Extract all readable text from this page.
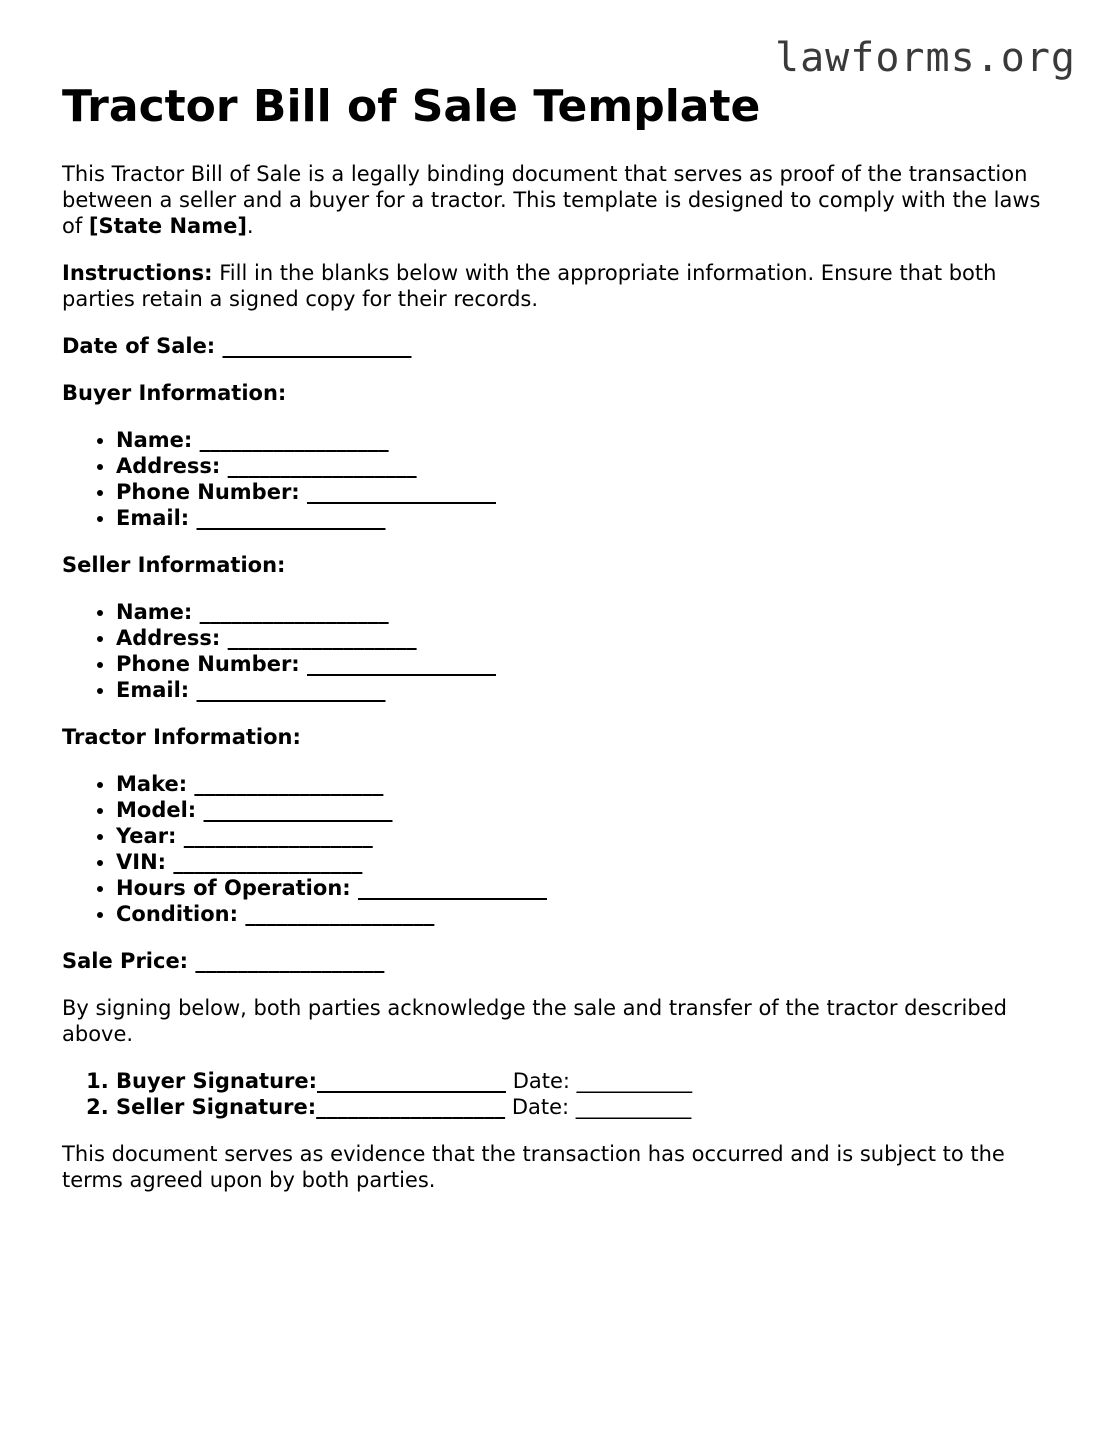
lawforms.org
Tractor Bill of Sale Template

This Tractor Bill of Sale is a legally binding document that serves as proof of the transaction between a seller and a buyer for a tractor. This template is designed to comply with the laws of [State Name].

Instructions: Fill in the blanks below with the appropriate information. Ensure that both parties retain a signed copy for their records.

Date of Sale: __________________

Buyer Information:

• Name: __________________
• Address: __________________
• Phone Number: __________________
• Email: __________________

Seller Information:

• Name: __________________
• Address: __________________
• Phone Number: __________________
• Email: __________________

Tractor Information:

• Make: __________________
• Model: __________________
• Year: __________________
• VIN: __________________
• Hours of Operation: __________________
• Condition: __________________

Sale Price: __________________

By signing below, both parties acknowledge the sale and transfer of the tractor described above.

1. Buyer Signature:__________________ Date: ___________
2. Seller Signature:__________________ Date: ___________

This document serves as evidence that the transaction has occurred and is subject to the terms agreed upon by both parties.
